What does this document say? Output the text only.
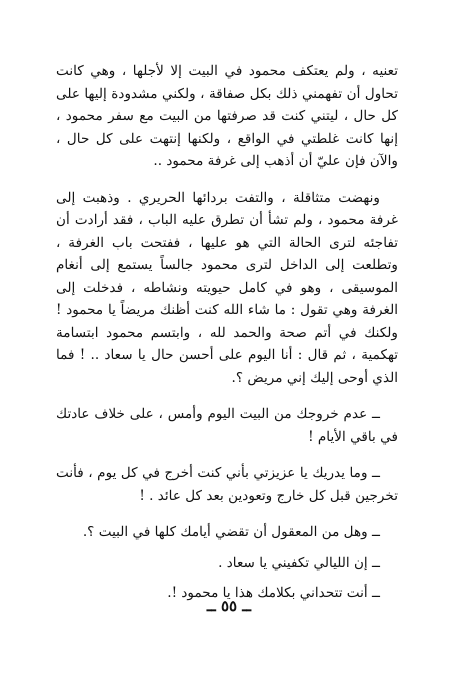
تعنيه ، ولم يعتكف محمود في البيت إلا لأجلها ، وهي كانت تحاول أن تفهمني ذلك بكل صفاقة ، ولكني مشدودة إليها على كل حال ، ليتني كنت قد صرفتها من البيت مع سفر محمود ، إنها كانت غلطتي في الواقع ، ولكنها إنتهت على كل حال ، والآن فإن عليّ أن أذهب إلى غرفة محمود ..

ونهضت متثاقلة ، والتفت بردائها الحريري . وذهبت إلى غرفة محمود ، ولم تشأ أن تطرق عليه الباب ، فقد أرادت أن تفاجئه لترى الحالة التي هو عليها ، ففتحت باب الغرفة ، وتطلعت إلى الداخل لترى محمود جالساً يستمع إلى أنغام الموسيقى ، وهو في كامل حيويته ونشاطه ، فدخلت إلى الغرفة وهي تقول : ما شاء الله كنت أظنك مريضاً يا محمود ! ولكنك في أتم صحة والحمد لله ، وابتسم محمود ابتسامة تهكمية ، ثم قال : أنا اليوم على أحسن حال يا سعاد .. ! فما الذي أوحى إليك إني مريض ؟.

ــ عدم خروجك من البيت اليوم وأمس ، على خلاف عادتك في باقي الأيام !

ــ وما يدريك يا عزيزتي بأني كنت أخرج في كل يوم ، فأنت تخرجين قبل كل خارج وتعودين بعد كل عائد . !

ــ وهل من المعقول أن تقضي أيامك كلها في البيت ؟.

ــ إن الليالي تكفيني يا سعاد .

ــ أنت تتحداني بكلامك هذا يا محمود !.

ــ ٥٥ ــ
